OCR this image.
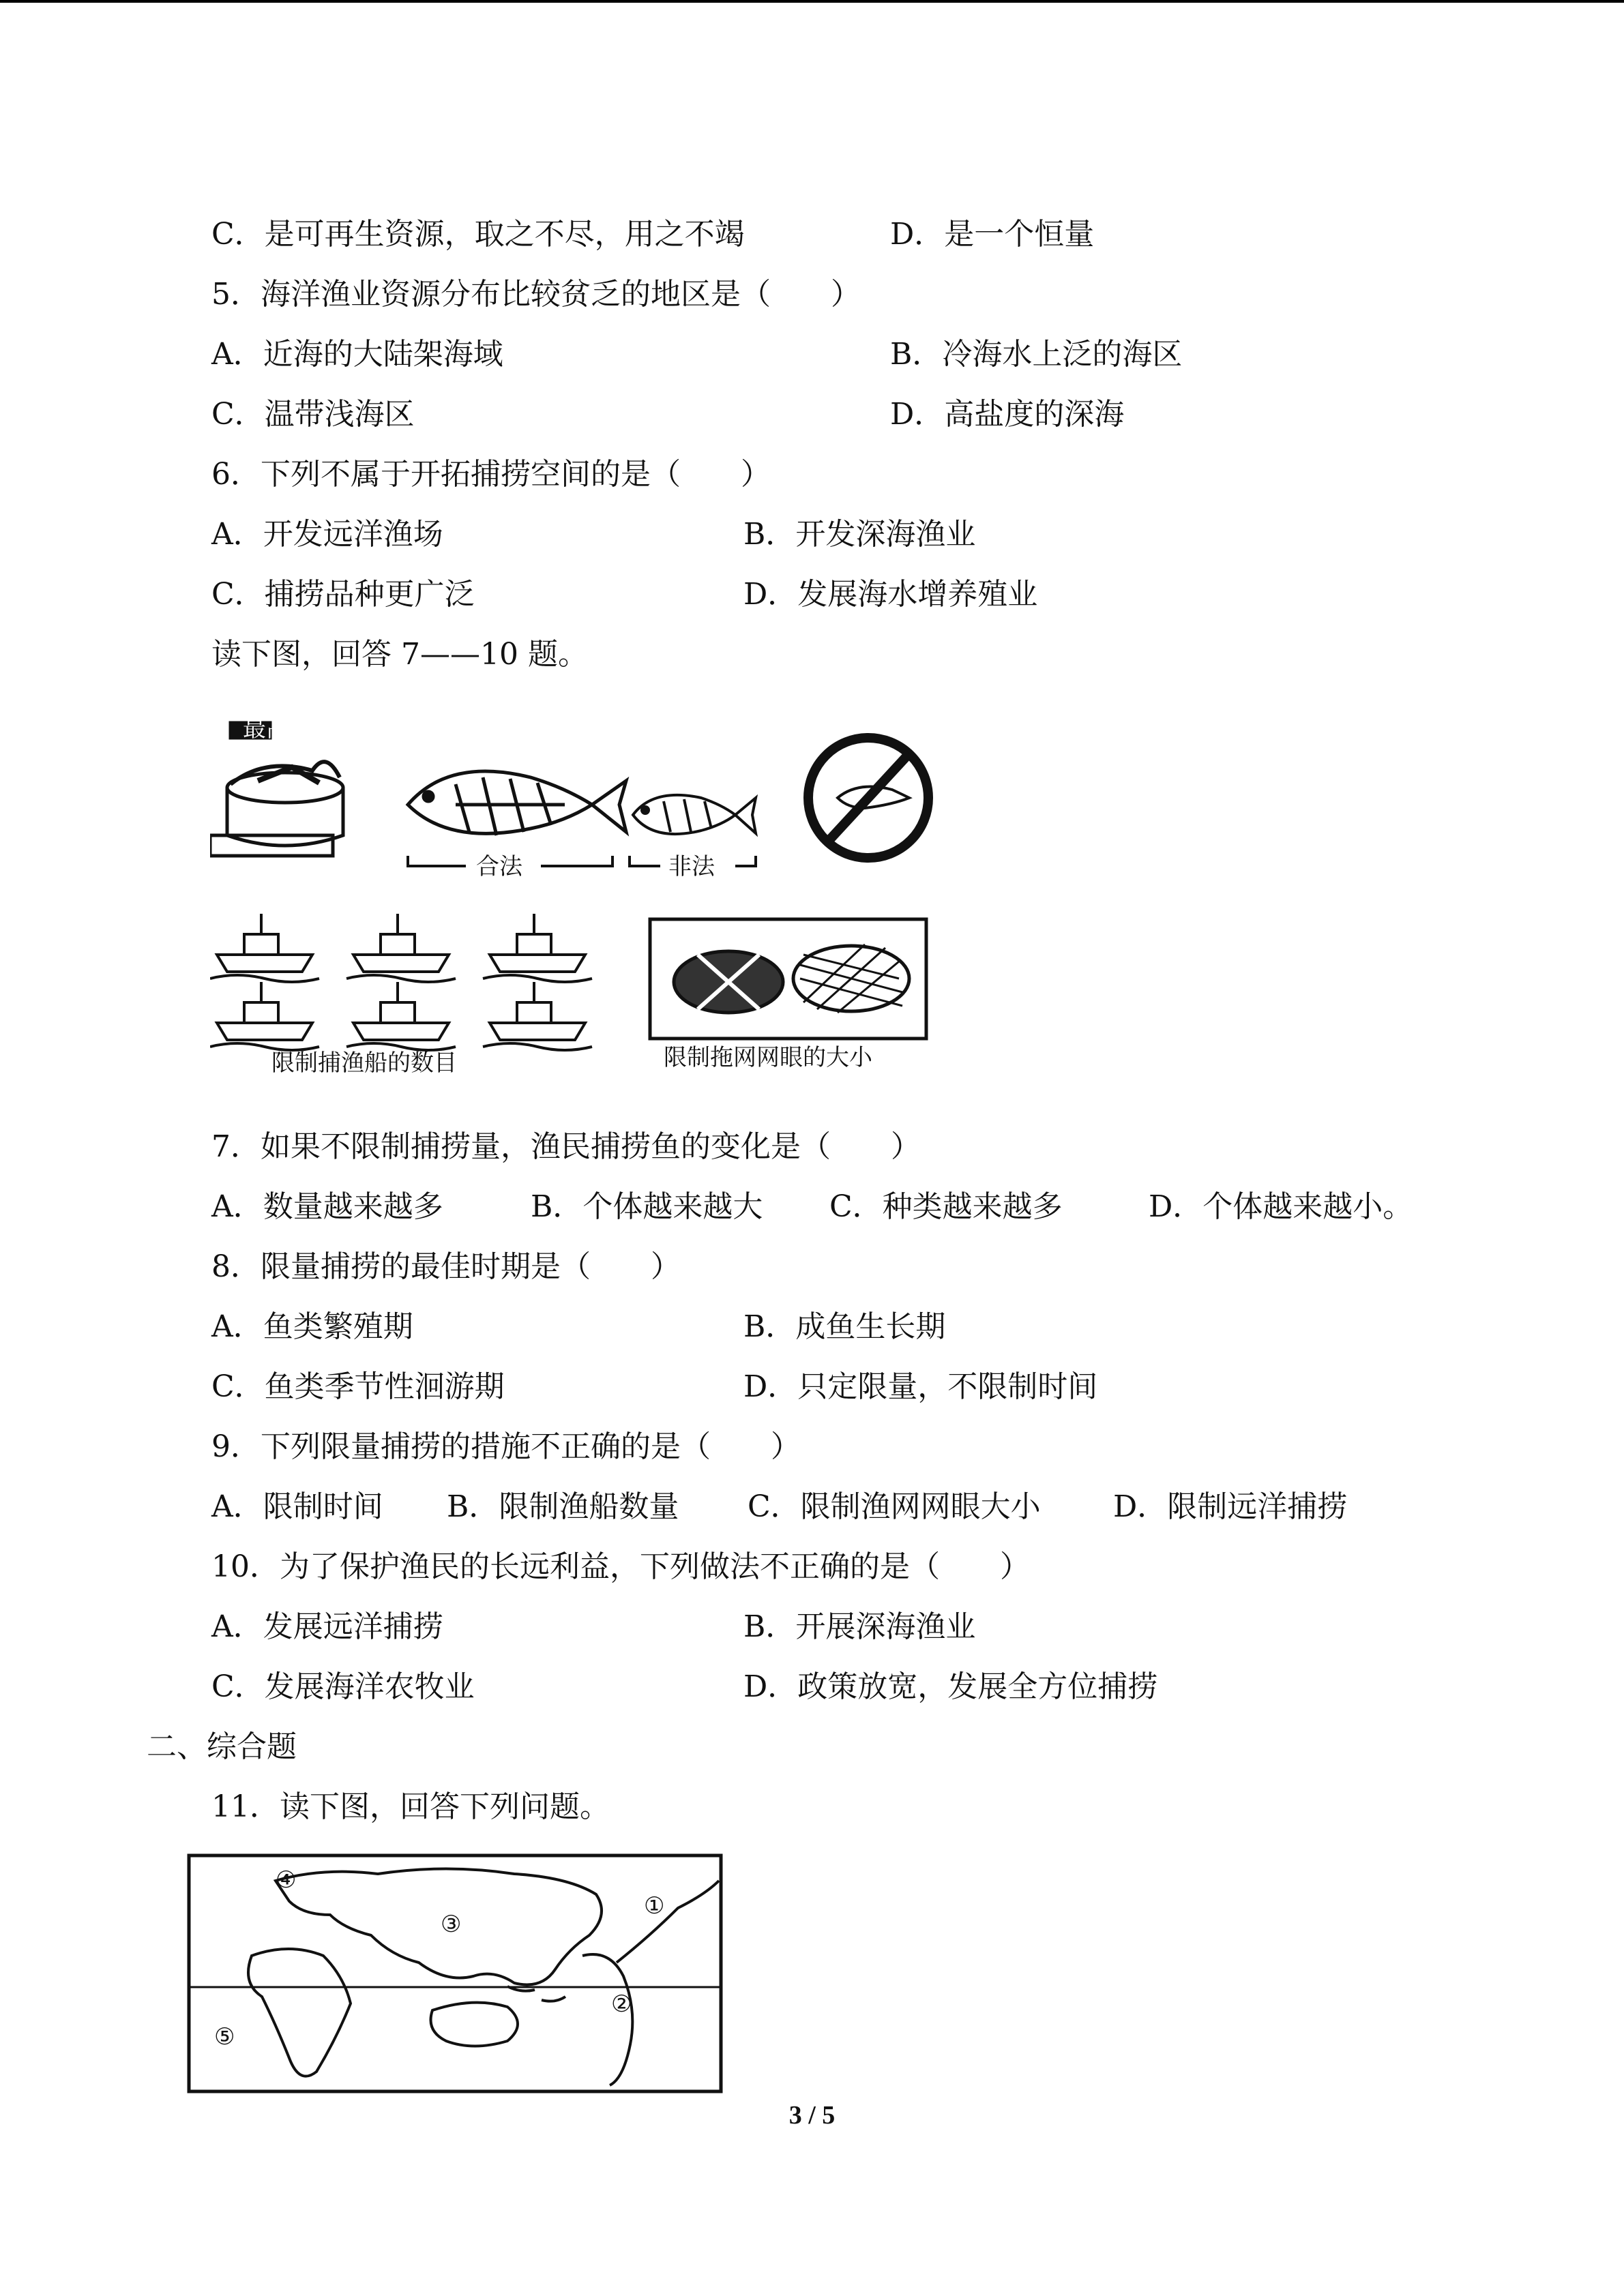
C．是可再生资源，取之不尽，用之不竭	D．是一个恒量
5．海洋渔业资源分布比较贫乏的地区是（　　）
A．近海的大陆架海域	B．冷海水上泛的海区
C．温带浅海区	D．高盐度的深海
6．下列不属于开拓捕捞空间的是（　　）
A．开发远洋渔场	B．开发深海渔业
C．捕捞品种更广泛	D．发展海水增养殖业
读下图，回答 7——10 题。
最高
合法	非法
限制捕渔船的数目	限制拖网网眼的大小
7．如果不限制捕捞量，渔民捕捞鱼的变化是（　　）
A．数量越来越多	B．个体越来越大 C．种类越来越多	D．个体越来越小。
8．限量捕捞的最佳时期是（　　）
A．鱼类繁殖期	B．成鱼生长期
C．鱼类季节性洄游期	D．只定限量，不限制时间
9．下列限量捕捞的措施不正确的是（　　）
A．限制时间 B．限制渔船数量 C．限制渔网网眼大小 D．限制远洋捕捞
10．为了保护渔民的长远利益，下列做法不正确的是（　　）
A．发展远洋捕捞	B．开展深海渔业
C．发展海洋农牧业	D．政策放宽，发展全方位捕捞
二、综合题
11．读下图，回答下列问题。
④
①
③
②
⑤
3 / 5
